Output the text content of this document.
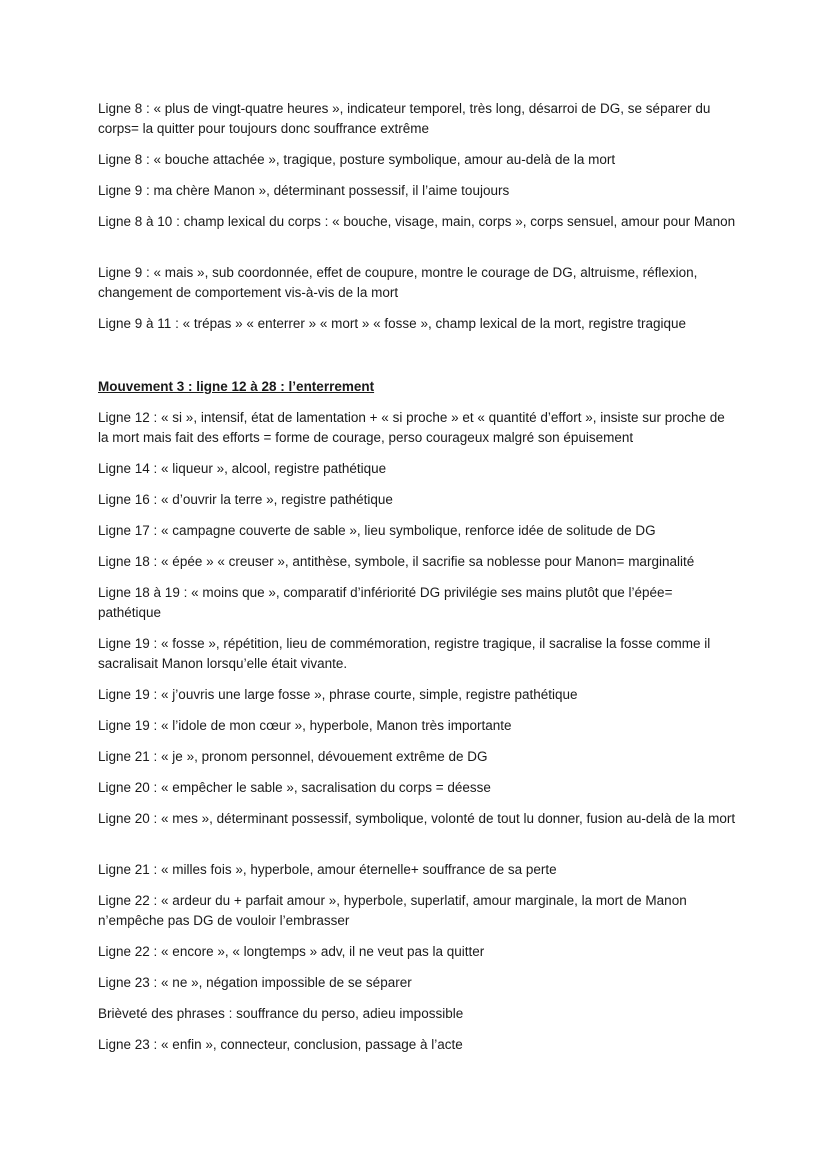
Ligne 8 : « plus de vingt-quatre heures », indicateur temporel, très long, désarroi de DG, se séparer du corps= la quitter pour toujours donc souffrance extrême

Ligne 8 : « bouche attachée », tragique, posture symbolique, amour au-delà de la mort

Ligne 9 : ma chère Manon », déterminant possessif, il l’aime toujours

Ligne 8 à 10 : champ lexical du corps : « bouche, visage, main, corps », corps sensuel, amour pour Manon

Ligne 9 : « mais », sub coordonnée, effet de coupure, montre le courage de DG, altruisme, réflexion, changement de comportement vis-à-vis de la mort

Ligne 9 à 11 : « trépas » « enterrer » « mort » « fosse », champ lexical de la mort, registre tragique

Mouvement 3 : ligne 12 à 28 : l’enterrement

Ligne 12 : « si », intensif, état de lamentation + « si proche » et « quantité d’effort », insiste sur proche de la mort mais fait des efforts = forme de courage, perso courageux malgré son épuisement

Ligne 14 : « liqueur », alcool, registre pathétique

Ligne 16 : « d’ouvrir la terre », registre pathétique

Ligne 17 : « campagne couverte de sable », lieu symbolique, renforce idée de solitude de DG

Ligne 18 : « épée » « creuser », antithèse, symbole, il sacrifie sa noblesse pour Manon= marginalité

Ligne 18 à 19 : « moins que », comparatif d’infériorité DG privilégie ses mains plutôt que l’épée= pathétique

Ligne 19 : « fosse », répétition, lieu de commémoration, registre tragique, il sacralise la fosse comme il sacralisait Manon lorsqu’elle était vivante.

Ligne 19 : « j’ouvris une large fosse », phrase courte, simple, registre pathétique

Ligne 19 : « l’idole de mon cœur », hyperbole, Manon très importante

Ligne 21 : « je », pronom personnel, dévouement extrême de DG

Ligne 20 : « empêcher le sable », sacralisation du corps = déesse

Ligne 20 : « mes », déterminant possessif, symbolique, volonté de tout lu donner, fusion au-delà de la mort

Ligne 21 : « milles fois », hyperbole, amour éternelle+ souffrance de sa perte

Ligne 22 : « ardeur du + parfait amour », hyperbole, superlatif, amour marginale, la mort de Manon n’empêche pas DG de vouloir l’embrasser

Ligne 22 : « encore », « longtemps » adv, il ne veut pas la quitter

Ligne 23 : « ne », négation impossible de se séparer

Brièveté des phrases : souffrance du perso, adieu impossible

Ligne 23 : « enfin », connecteur, conclusion, passage à l’acte
